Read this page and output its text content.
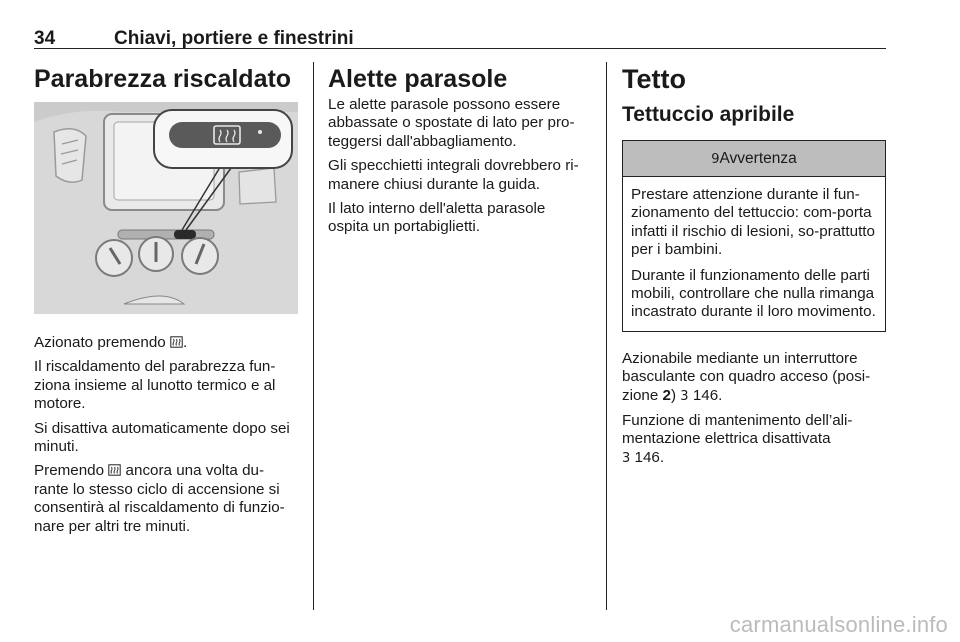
34	Chiavi, portiere e finestrini
Parabrezza riscaldato

Azionato premendo .

Il riscaldamento del parabrezza fun-ziona insieme al lunotto termico e al motore.

Si disattiva automaticamente dopo sei minuti.

Premendo ancora una volta du-rante lo stesso ciclo di accensione si consentirà al riscaldamento di funzio-nare per altri tre minuti.

Alette parasole

Le alette parasole possono essere abbassate o spostate di lato per pro-teggersi dall'abbagliamento.

Gli specchietti integrali dovrebbero ri-manere chiusi durante la guida.

Il lato interno dell'aletta parasole ospita un portabiglietti.

Tetto
Tettuccio apribile
9Avvertenza

Prestare attenzione durante il fun-zionamento del tettuccio: com-porta infatti il rischio di lesioni, so-prattutto per i bambini.

Durante il funzionamento delle parti mobili, controllare che nulla rimanga incastrato durante il loro movimento.

Azionabile mediante un interruttore basculante con quadro acceso (posi-zione 2) 3 146.

Funzione di mantenimento dell’ali-mentazione elettrica disattivata
3 146.

carmanualsonline.info
